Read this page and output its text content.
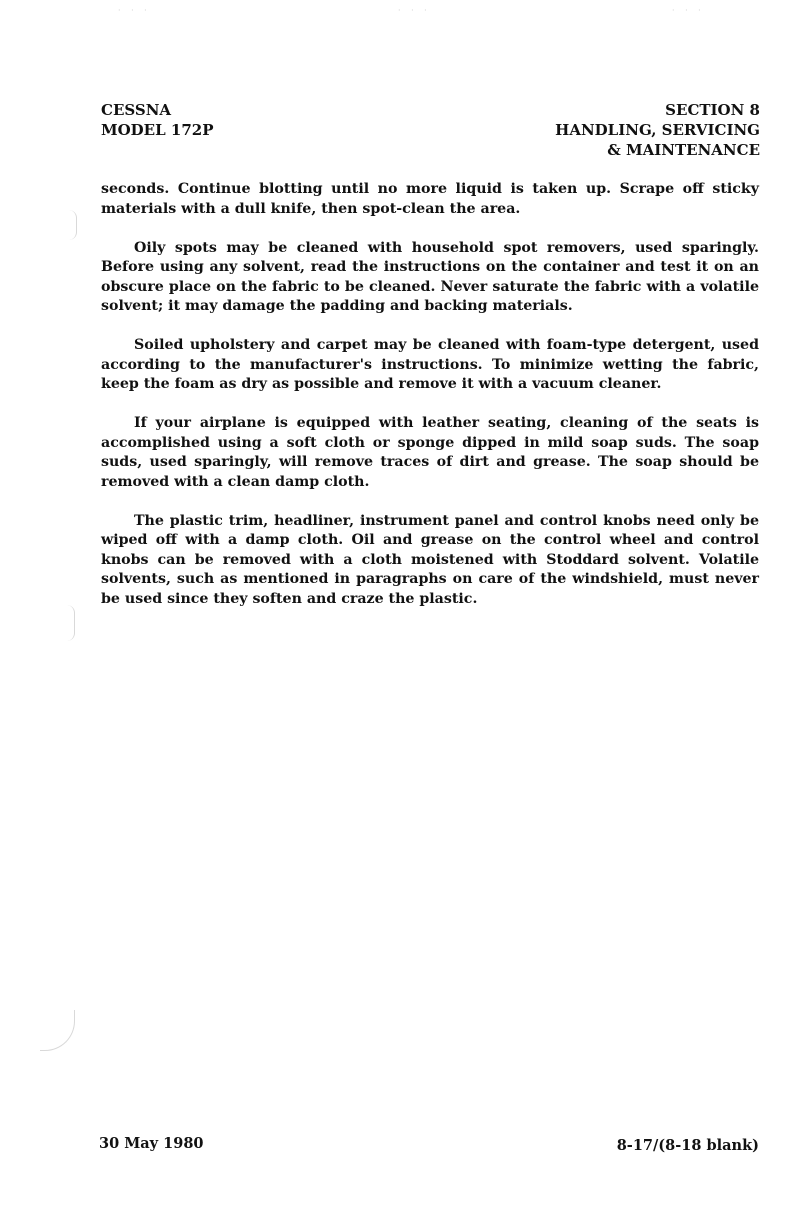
· · ·	· · ·	· · ·
CESSNA
MODEL 172P
SECTION 8
HANDLING, SERVICING
& MAINTENANCE

seconds. Continue blotting until no more liquid is taken up. Scrape off sticky materials with a dull knife, then spot-clean the area.

Oily spots may be cleaned with household spot removers, used sparingly. Before using any solvent, read the instructions on the container and test it on an obscure place on the fabric to be cleaned. Never saturate the fabric with a volatile solvent; it may damage the padding and backing materials.

Soiled upholstery and carpet may be cleaned with foam-type detergent, used according to the manufacturer's instructions. To minimize wetting the fabric, keep the foam as dry as possible and remove it with a vacuum cleaner.

If your airplane is equipped with leather seating, cleaning of the seats is accomplished using a soft cloth or sponge dipped in mild soap suds. The soap suds, used sparingly, will remove traces of dirt and grease. The soap should be removed with a clean damp cloth.

The plastic trim, headliner, instrument panel and control knobs need only be wiped off with a damp cloth. Oil and grease on the control wheel and control knobs can be removed with a cloth moistened with Stoddard solvent. Volatile solvents, such as mentioned in paragraphs on care of the windshield, must never be used since they soften and craze the plastic.

30 May 1980	8-17/(8-18 blank)
